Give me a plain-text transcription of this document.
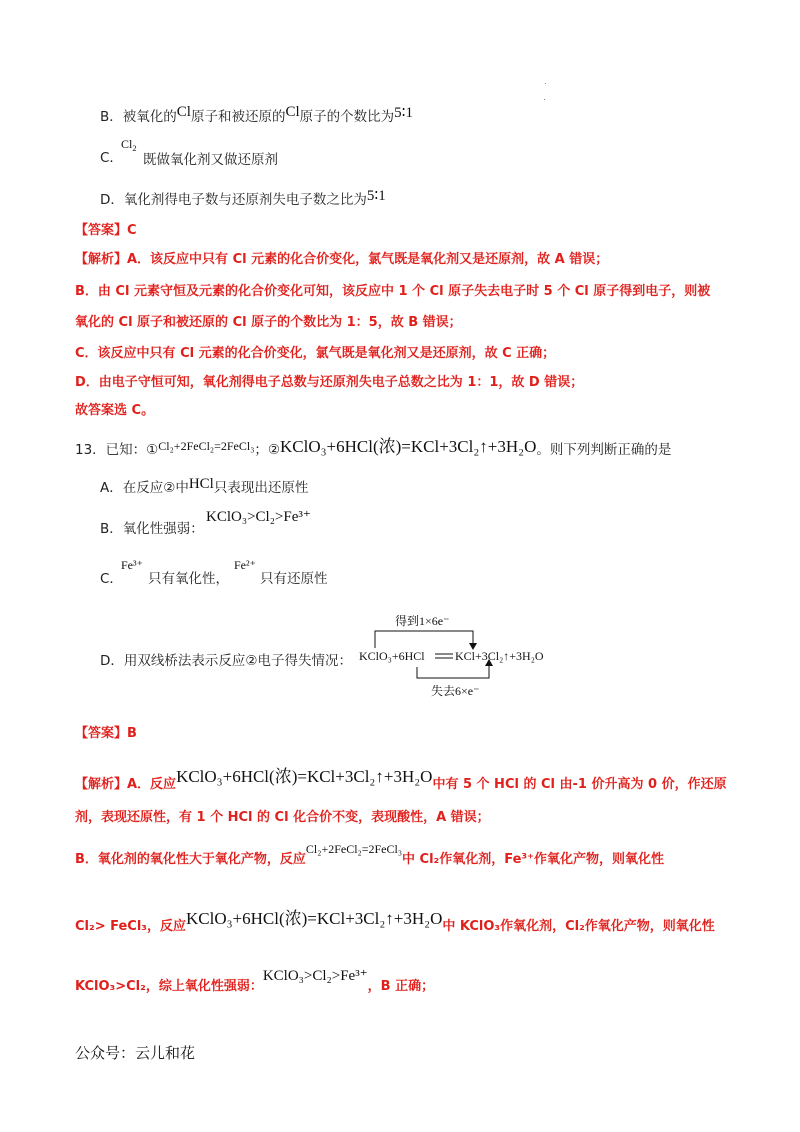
B．被氧化的Cl原子和被还原的Cl原子的个数比为5∶1
C．
$Cl_2$
既做氧化剂又做还原剂
D．氧化剂得电子数与还原剂失电子数之比为5∶1
【答案】C
【解析】A．该反应中只有 Cl 元素的化合价变化，氯气既是氧化剂又是还原剂，故 A 错误；
B．由 Cl 元素守恒及元素的化合价变化可知，该反应中 1 个 Cl 原子失去电子时 5 个 Cl 原子得到电子，则被
氧化的 Cl 原子和被还原的 Cl 原子的个数比为 1：5，故 B 错误；
C．该反应中只有 Cl 元素的化合价变化，氯气既是氧化剂又是还原剂，故 C 正确；
D．由电子守恒可知，氧化剂得电子总数与还原剂失电子总数之比为 1：1，故 D 错误；
故答案选 C。
13．已知：①Cl₂+2FeCl₂=2FeCl₃；②KClO₃+6HCl(浓)=KCl+3Cl₂↑+3H₂O。则下列判断正确的是
A．在反应②中HCl只表现出还原性
B．氧化性强弱：
KClO₃>Cl₂>Fe³⁺
C．
Fe³⁺
只有氧化性，
Fe²⁺
只有还原性
D．用双线桥法表示反应②电子得失情况：
得到1×6e⁻
KClO₃+6HCl	KCl+3Cl₂↑+3H₂O
失去6×e⁻
【答案】B
【解析】A．反应KClO₃+6HCl(浓)=KCl+3Cl₂↑+3H₂O中有 5 个 HCl 的 Cl 由-1 价升高为 0 价，作还原
剂，表现还原性，有 1 个 HCl 的 Cl 化合价不变，表现酸性，A 错误；
B．氧化剂的氧化性大于氧化产物，反应Cl₂+2FeCl₂=2FeCl₃中 Cl₂作氧化剂，Fe³⁺作氧化产物，则氧化性
Cl₂> FeCl₃，反应KClO₃+6HCl(浓)=KCl+3Cl₂↑+3H₂O中 KClO₃作氧化剂，Cl₂作氧化产物，则氧化性
KClO₃>Cl₂，综上氧化性强弱：KClO₃>Cl₂>Fe³⁺，B 正确；
公众号：云儿和花
